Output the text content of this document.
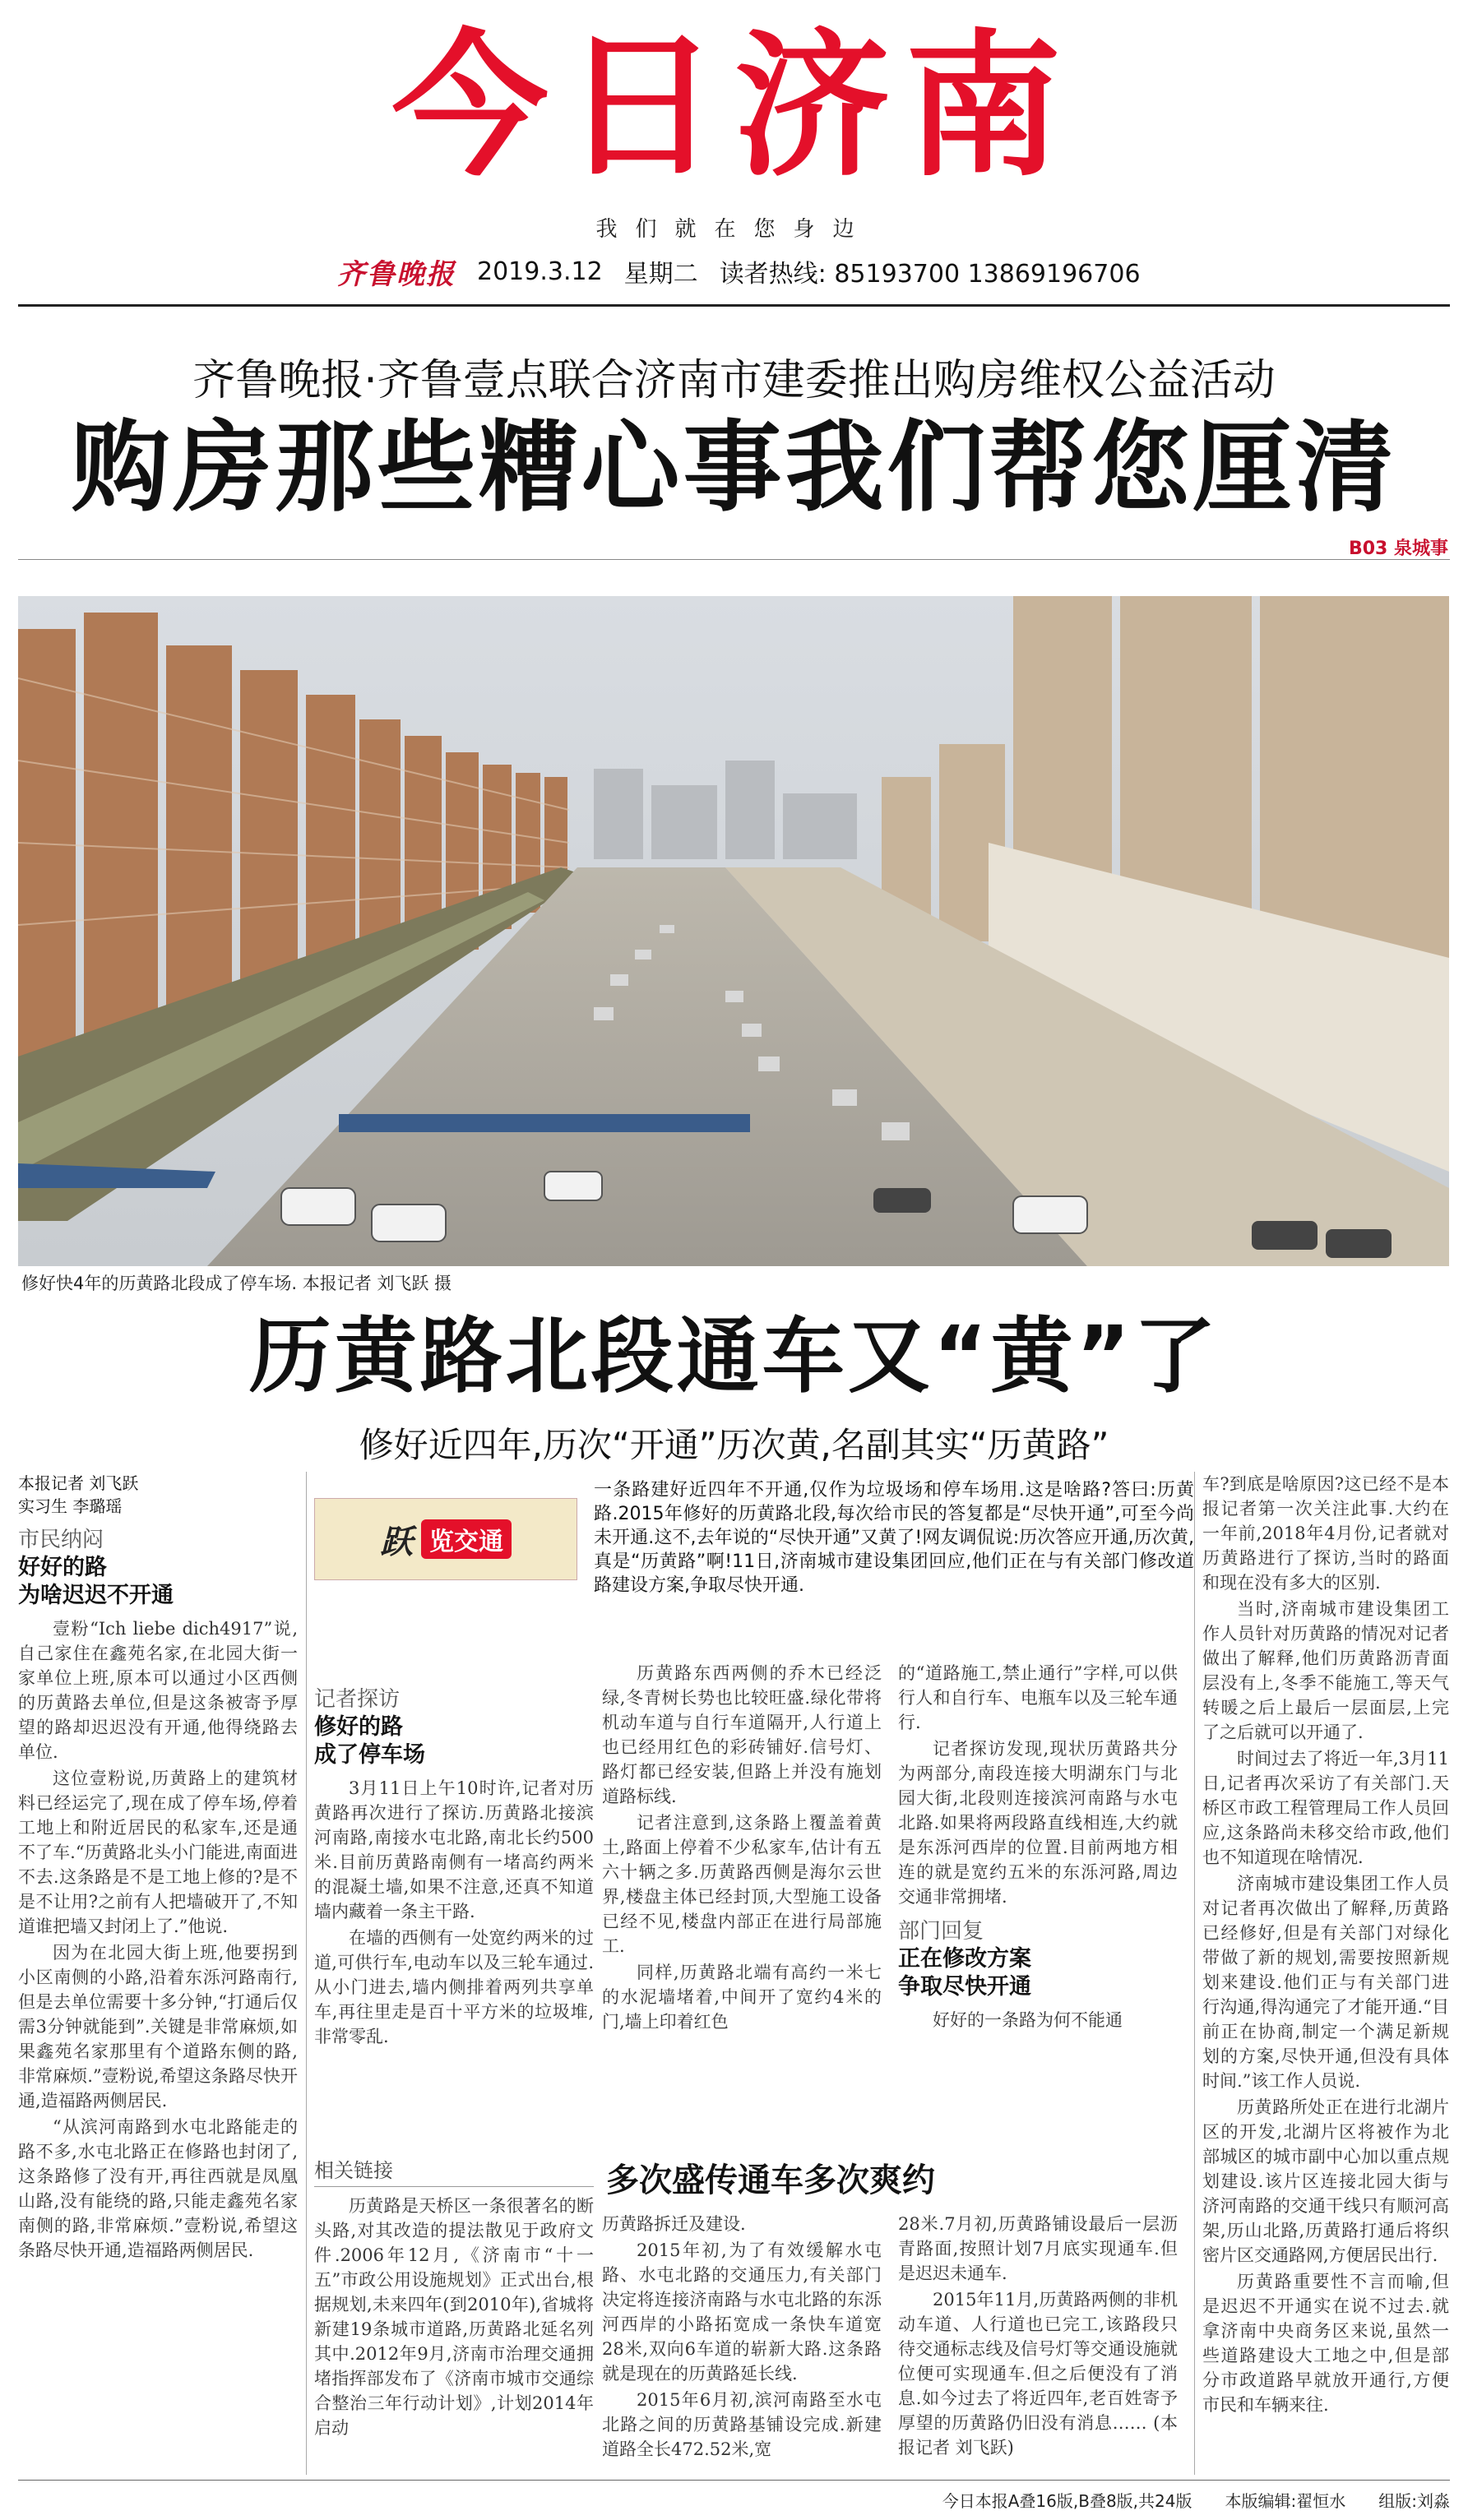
今日济南
我们就在您身边
齐鲁晚报 2019.3.12 星期二 读者热线: 85193700 13869196706
齐鲁晚报·齐鲁壹点联合济南市建委推出购房维权公益活动
购房那些糟心事我们帮您厘清
B03 泉城事
修好快4年的历黄路北段成了停车场. 本报记者 刘飞跃 摄
历黄路北段通车又“黄”了
修好近四年,历次“开通”历次黄,名副其实“历黄路”
本报记者 刘飞跃
实习生 李璐瑶
市民纳闷
好好的路
为啥迟迟不开通

壹粉“Ich liebe dich4917”说,自己家住在鑫苑名家,在北园大街一家单位上班,原本可以通过小区西侧的历黄路去单位,但是这条被寄予厚望的路却迟迟没有开通,他得绕路去单位.

这位壹粉说,历黄路上的建筑材料已经运完了,现在成了停车场,停着工地上和附近居民的私家车,还是通不了车.“历黄路北头小门能进,南面进不去.这条路是不是工地上修的?是不是不让用?之前有人把墙破开了,不知道谁把墙又封闭上了.”他说.

因为在北园大街上班,他要拐到小区南侧的小路,沿着东泺河路南行,但是去单位需要十多分钟,“打通后仅需3分钟就能到”.关键是非常麻烦,如果鑫苑名家那里有个道路东侧的路,非常麻烦.”壹粉说,希望这条路尽快开通,造福路两侧居民.

“从滨河南路到水屯北路能走的路不多,水屯北路正在修路也封闭了,这条路修了没有开,再往西就是凤凰山路,没有能绕的路,只能走鑫苑名家南侧的路,非常麻烦.”壹粉说,希望这条路尽快开通,造福路两侧居民.

跃 览交通
一条路建好近四年不开通,仅作为垃圾场和停车场用.这是啥路?答曰:历黄路.2015年修好的历黄路北段,每次给市民的答复都是“尽快开通”,可至今尚未开通.这不,去年说的“尽快开通”又黄了!网友调侃说:历次答应开通,历次黄,真是“历黄路”啊!11日,济南城市建设集团回应,他们正在与有关部门修改道路建设方案,争取尽快开通.
记者探访
修好的路
成了停车场

3月11日上午10时许,记者对历黄路再次进行了探访.历黄路北接滨河南路,南接水屯北路,南北长约500米.目前历黄路南侧有一堵高约两米的混凝土墙,如果不注意,还真不知道墙内藏着一条主干路.

在墙的西侧有一处宽约两米的过道,可供行车,电动车以及三轮车通过.从小门进去,墙内侧排着两列共享单车,再往里走是百十平方米的垃圾堆,非常零乱.

历黄路东西两侧的乔木已经泛绿,冬青树长势也比较旺盛.绿化带将机动车道与自行车道隔开,人行道上也已经用红色的彩砖铺好.信号灯、路灯都已经安装,但路上并没有施划道路标线.

记者注意到,这条路上覆盖着黄土,路面上停着不少私家车,估计有五六十辆之多.历黄路西侧是海尔云世界,楼盘主体已经封顶,大型施工设备已经不见,楼盘内部正在进行局部施工.

同样,历黄路北端有高约一米七的水泥墙堵着,中间开了宽约4米的门,墙上印着红色

的“道路施工,禁止通行”字样,可以供行人和自行车、电瓶车以及三轮车通行.

记者探访发现,现状历黄路共分为两部分,南段连接大明湖东门与北园大街,北段则连接滨河南路与水屯北路.如果将两段路直线相连,大约就是东泺河西岸的位置.目前两地方相连的就是宽约五米的东泺河路,周边交通非常拥堵.

部门回复
正在修改方案
争取尽快开通

好好的一条路为何不能通

多次盛传通车多次爽约
相关链接

历黄路是天桥区一条很著名的断头路,对其改造的提法散见于政府文件.2006年12月,《济南市“十一五”市政公用设施规划》正式出台,根据规划,未来四年(到2010年),省城将新建19条城市道路,历黄路北延名列其中.2012年9月,济南市治理交通拥堵指挥部发布了《济南市城市交通综合整治三年行动计划》,计划2014年启动

历黄路拆迁及建设.

2015年初,为了有效缓解水屯路、水屯北路的交通压力,有关部门决定将连接济南路与水屯北路的东泺河西岸的小路拓宽成一条快车道宽28米,双向6车道的崭新大路.这条路就是现在的历黄路延长线.

2015年6月初,滨河南路至水屯北路之间的历黄路基铺设完成.新建道路全长472.52米,宽

28米.7月初,历黄路铺设最后一层沥青路面,按照计划7月底实现通车.但是迟迟未通车.

2015年11月,历黄路两侧的非机动车道、人行道也已完工,该路段只待交通标志线及信号灯等交通设施就位便可实现通车.但之后便没有了消息.如今过去了将近四年,老百姓寄予厚望的历黄路仍旧没有消息…… (本报记者 刘飞跃)

车?到底是啥原因?这已经不是本报记者第一次关注此事.大约在一年前,2018年4月份,记者就对历黄路进行了探访,当时的路面和现在没有多大的区别.

当时,济南城市建设集团工作人员针对历黄路的情况对记者做出了解释,他们历黄路沥青面层没有上,冬季不能施工,等天气转暖之后上最后一层面层,上完了之后就可以开通了.

时间过去了将近一年,3月11日,记者再次采访了有关部门.天桥区市政工程管理局工作人员回应,这条路尚未移交给市政,他们也不知道现在啥情况.

济南城市建设集团工作人员对记者再次做出了解释,历黄路已经修好,但是有关部门对绿化带做了新的规划,需要按照新规划来建设.他们正与有关部门进行沟通,得沟通完了才能开通.“目前正在协商,制定一个满足新规划的方案,尽快开通,但没有具体时间.”该工作人员说.

历黄路所处正在进行北湖片区的开发,北湖片区将被作为北部城区的城市副中心加以重点规划建设.该片区连接北园大街与济河南路的交通干线只有顺河高架,历山北路,历黄路打通后将织密片区交通路网,方便居民出行.

历黄路重要性不言而喻,但是迟迟不开通实在说不过去.就拿济南中央商务区来说,虽然一些道路建设大工地之中,但是部分市政道路早就放开通行,方便市民和车辆来往.

今日本报A叠16版,B叠8版,共24版 本版编辑:翟恒水 组版:刘淼
